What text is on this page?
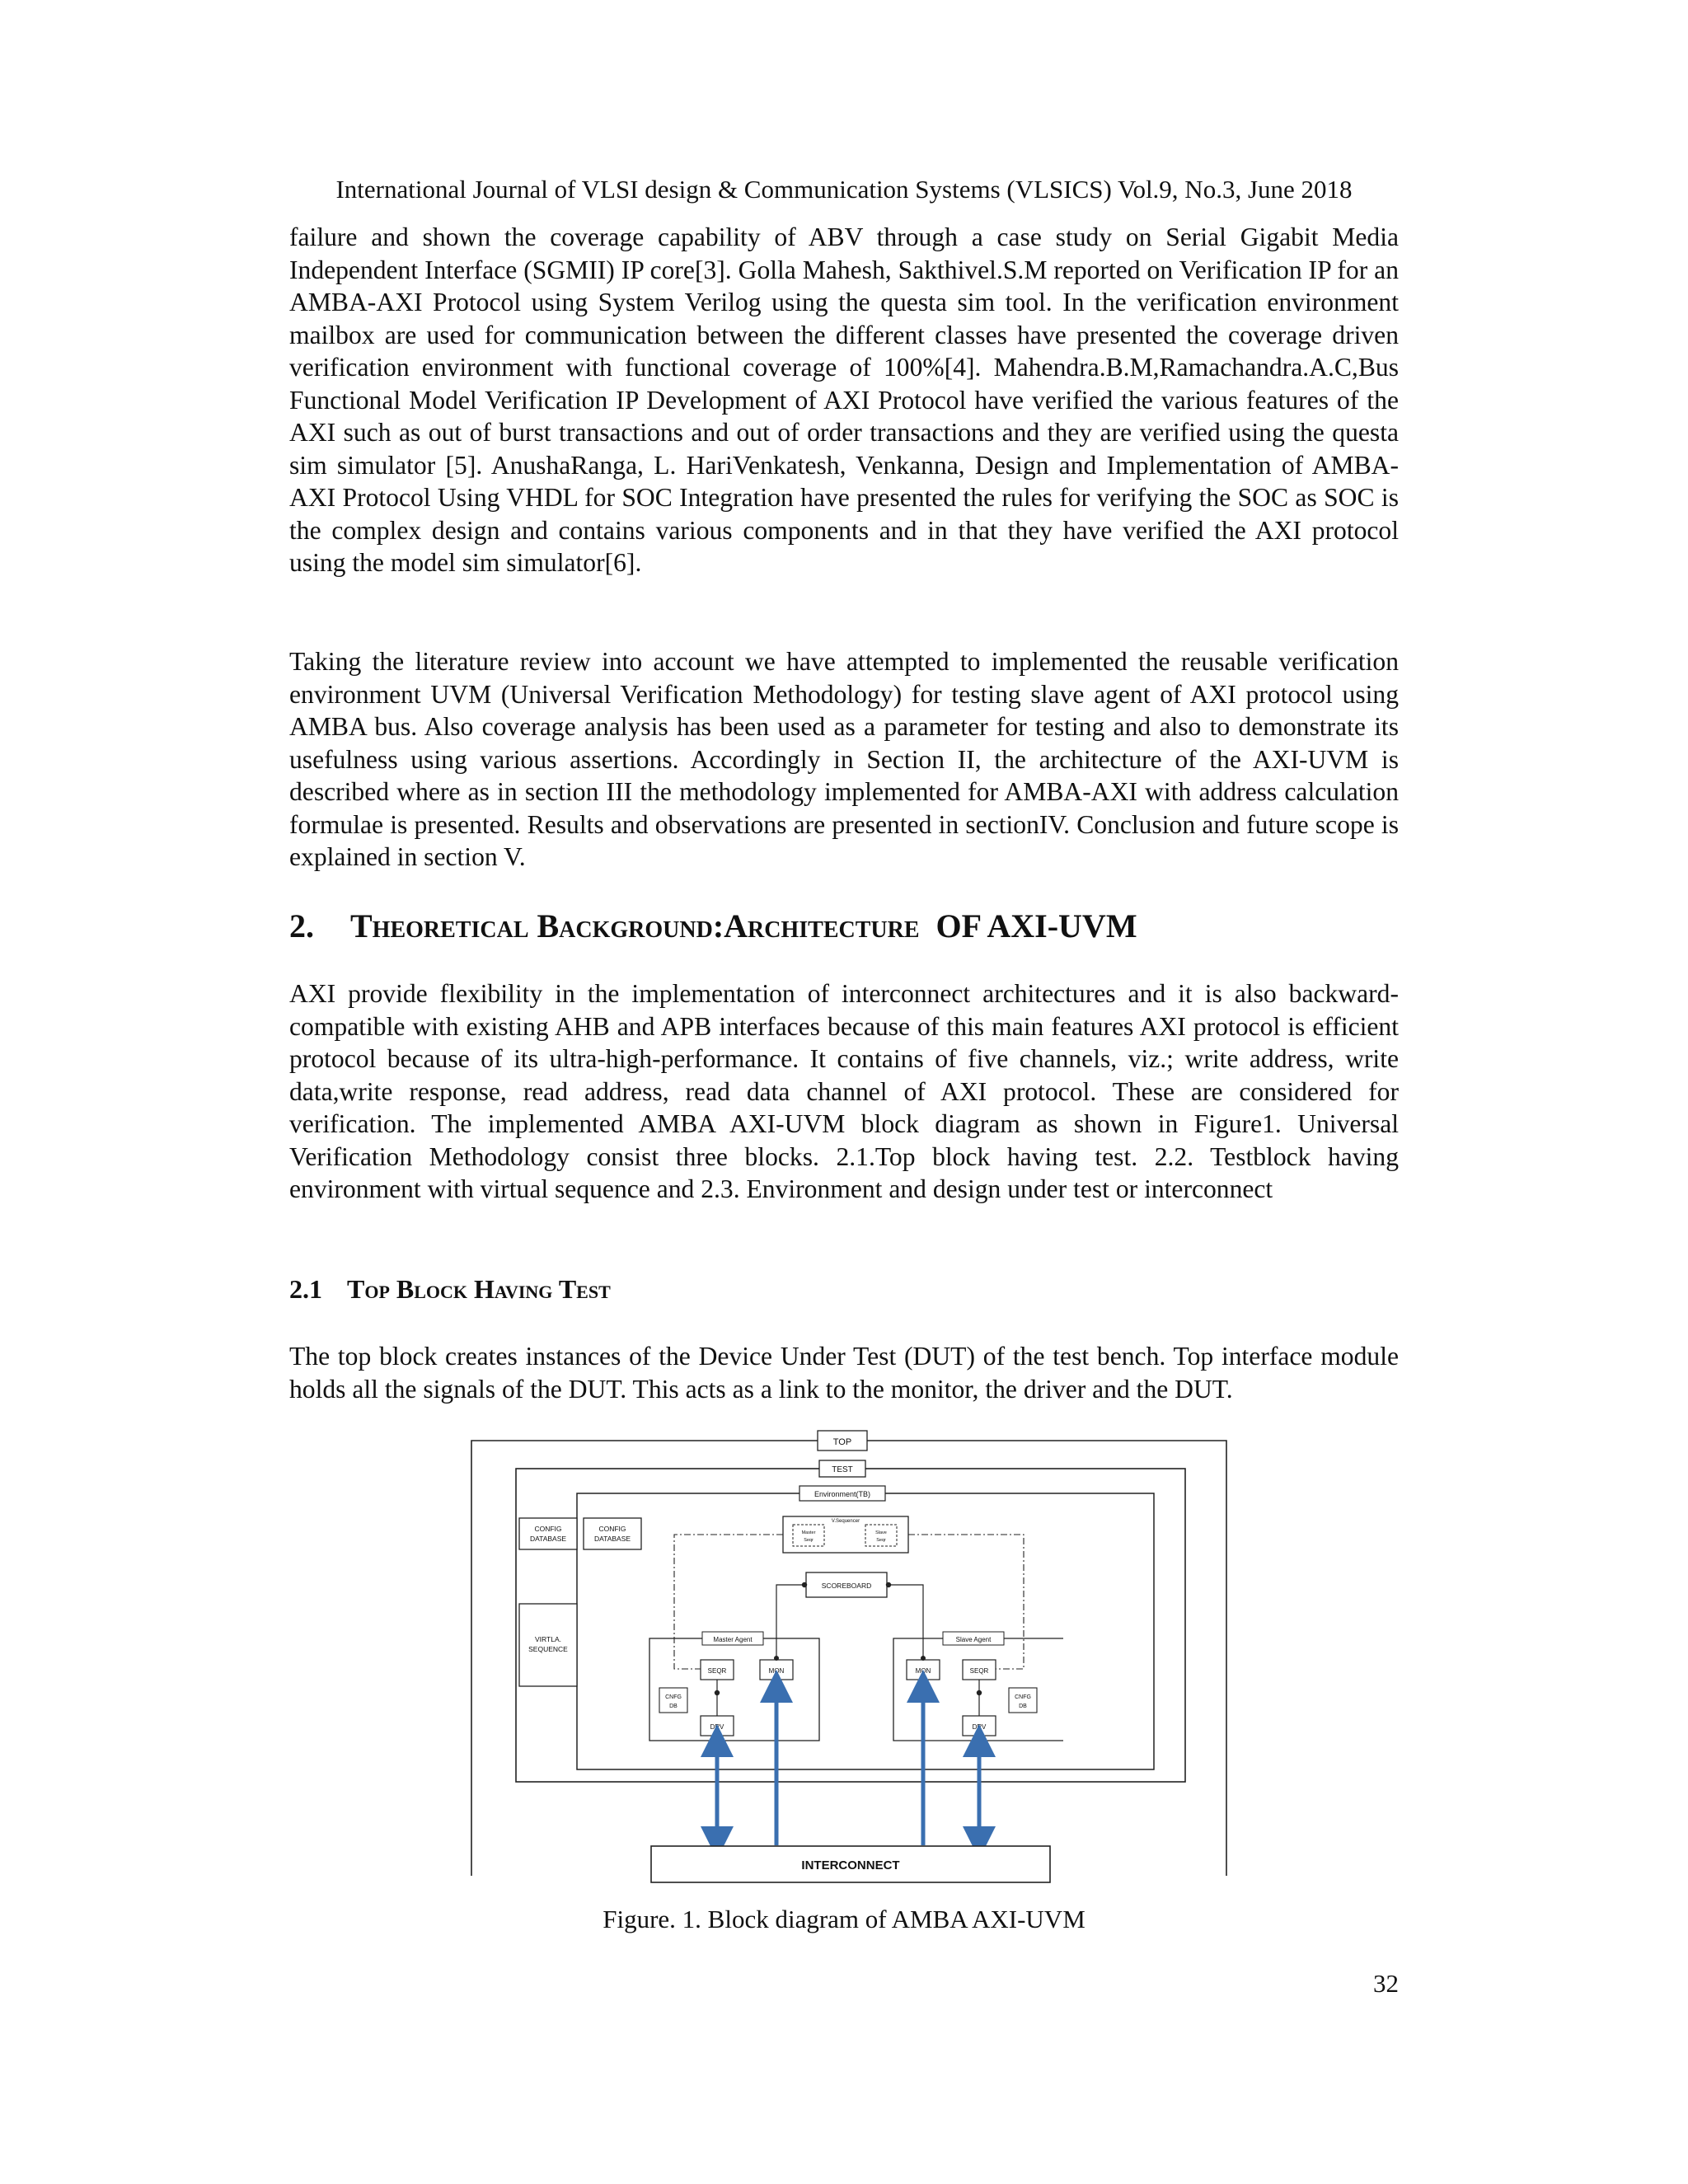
International Journal of VLSI design & Communication Systems (VLSICS) Vol.9, No.3, June 2018

failure and shown the coverage capability of ABV through a case study on Serial Gigabit Media Independent Interface (SGMII) IP core[3]. Golla Mahesh, Sakthivel.S.M reported on Verification IP for an AMBA-AXI Protocol using System Verilog using the questa sim tool. In the verification environment mailbox are used for communication between the different classes have presented the coverage driven verification environment with functional coverage of 100%[4]. Mahendra.B.M,Ramachandra.A.C,Bus Functional Model Verification IP Development of AXI Protocol have verified the various features of the AXI such as out of burst transactions and out of order transactions and they are verified using the questa sim simulator [5]. AnushaRanga, L. HariVenkatesh, Venkanna, Design and Implementation of AMBA-AXI Protocol Using VHDL for SOC Integration have presented the rules for verifying the SOC as SOC is the complex design and contains various components and in that they have verified the AXI protocol using the model sim simulator[6].

Taking the literature review into account we have attempted to implemented the reusable verification environment UVM (Universal Verification Methodology) for testing slave agent of AXI protocol using AMBA bus. Also coverage analysis has been used as a parameter for testing and also to demonstrate its usefulness using various assertions. Accordingly in Section II, the architecture of the AXI-UVM is described where as in section III the methodology implemented for AMBA-AXI with address calculation formulae is presented. Results and observations are presented in sectionIV. Conclusion and future scope is explained in section V.

2. Theoretical Background:Architecture OF AXI-UVM

AXI provide flexibility in the implementation of interconnect architectures and it is also backward-compatible with existing AHB and APB interfaces because of this main features AXI protocol is efficient protocol because of its ultra-high-performance. It contains of five channels, viz.; write address, write data,write response, read address, read data channel of AXI protocol. These are considered for verification. The implemented AMBA AXI-UVM block diagram as shown in Figure1. Universal Verification Methodology consist three blocks. 2.1.Top block having test. 2.2. Testblock having environment with virtual sequence and 2.3. Environment and design under test or interconnect

2.1 Top Block Having Test

The top block creates instances of the Device Under Test (DUT) of the test bench. Top interface module holds all the signals of the DUT. This acts as a link to the monitor, the driver and the DUT.

TOP
TEST
Environment(TB)
CONFIG
DATABASE
CONFIG
DATABASE
VIRTLA.
SEQUENCE
V.Sequencer
Master
Seqr
Slave
Seqr
SCOREBOARD
Master Agent
SEQR	MON
CNFG
DB
DRV
Slave Agent
MON	SEQR
CNFG
DB
DRV
INTERCONNECT
Figure. 1. Block diagram of AMBA AXI-UVM
32
